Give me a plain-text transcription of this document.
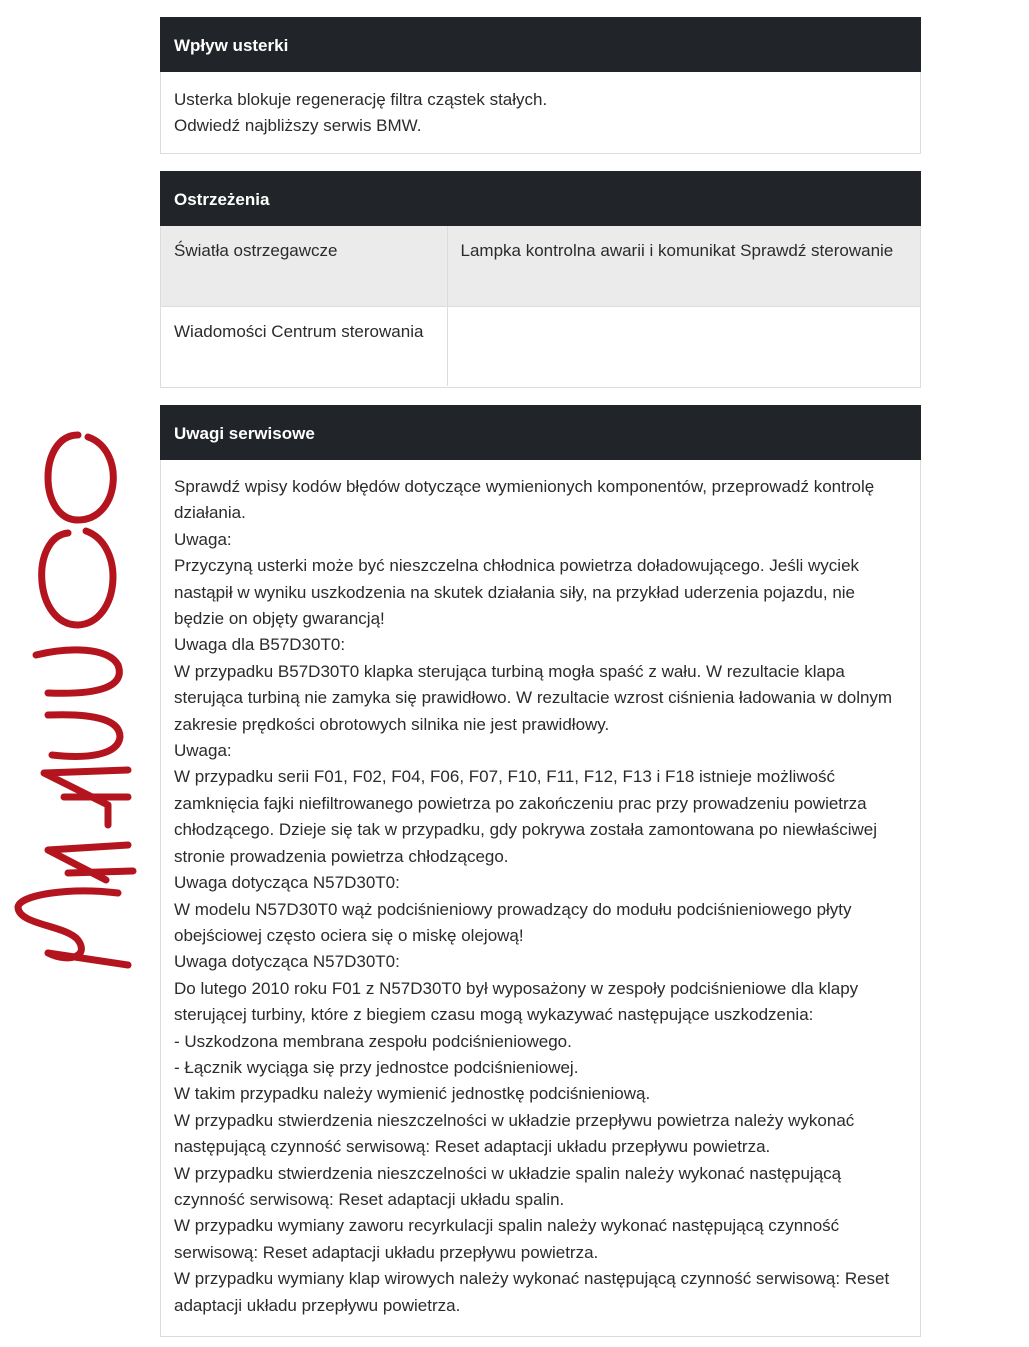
Wpływ usterki
Usterka blokuje regenerację filtra cząstek stałych.
Odwiedź najbliższy serwis BMW.
Ostrzeżenia
Światła ostrzegawcze	Lampka kontrolna awarii i komunikat Sprawdź sterowanie
Wiadomości Centrum sterowania	
Uwagi serwisowe
Sprawdź wpisy kodów błędów dotyczące wymienionych komponentów, przeprowadź kontrolę działania.
Uwaga:
Przyczyną usterki może być nieszczelna chłodnica powietrza doładowującego. Jeśli wyciek nastąpił w wyniku uszkodzenia na skutek działania siły, na przykład uderzenia pojazdu, nie będzie on objęty gwarancją!
Uwaga dla B57D30T0:
W przypadku B57D30T0 klapka sterująca turbiną mogła spaść z wału. W rezultacie klapa sterująca turbiną nie zamyka się prawidłowo. W rezultacie wzrost ciśnienia ładowania w dolnym zakresie prędkości obrotowych silnika nie jest prawidłowy.
Uwaga:
W przypadku serii F01, F02, F04, F06, F07, F10, F11, F12, F13 i F18 istnieje możliwość zamknięcia fajki niefiltrowanego powietrza po zakończeniu prac przy prowadzeniu powietrza chłodzącego. Dzieje się tak w przypadku, gdy pokrywa została zamontowana po niewłaściwej stronie prowadzenia powietrza chłodzącego.
Uwaga dotycząca N57D30T0:
W modelu N57D30T0 wąż podciśnieniowy prowadzący do modułu podciśnieniowego płyty obejściowej często ociera się o miskę olejową!
Uwaga dotycząca N57D30T0:
Do lutego 2010 roku F01 z N57D30T0 był wyposażony w zespoły podciśnieniowe dla klapy sterującej turbiny, które z biegiem czasu mogą wykazywać następujące uszkodzenia:
- Uszkodzona membrana zespołu podciśnieniowego.
- Łącznik wyciąga się przy jednostce podciśnieniowej.
W takim przypadku należy wymienić jednostkę podciśnieniową.
W przypadku stwierdzenia nieszczelności w układzie przepływu powietrza należy wykonać następującą czynność serwisową: Reset adaptacji układu przepływu powietrza.
W przypadku stwierdzenia nieszczelności w układzie spalin należy wykonać następującą czynność serwisową: Reset adaptacji układu spalin.
W przypadku wymiany zaworu recyrkulacji spalin należy wykonać następującą czynność serwisową: Reset adaptacji układu przepływu powietrza.
W przypadku wymiany klap wirowych należy wykonać następującą czynność serwisową: Reset adaptacji układu przepływu powietrza.
